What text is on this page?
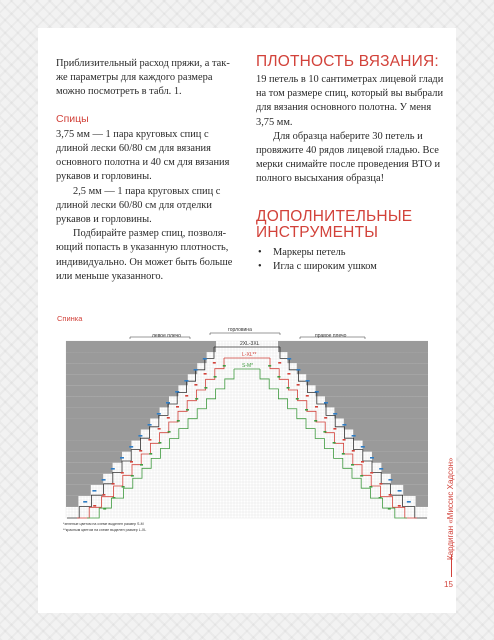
Приблизительный расход пряжи, а также параметры для каждого размера можно посмотреть в табл. 1.

Спицы

3,75 мм — 1 пара круговых спиц с длиной лески 60/80 см для вязания основного полотна и 40 см для вязания рукавов и горловины.

2,5 мм — 1 пара круговых спиц с длиной лески 60/80 см для отделки рукавов и горловины.

Подбирайте размер спиц, позволяющий попасть в указанную плотность, индивидуально. Он может быть больше или меньше указанного.

ПЛОТНОСТЬ ВЯЗАНИЯ:

19 петель в 10 сантиметрах лицевой глади на том размере спиц, который вы выбрали для вязания основного полотна. У меня 3,75 мм.

Для образца наберите 30 петель и провяжите 40 рядов лицевой гладью. Все мерки снимайте после проведения ВТО и полного высыхания образца!

ДОПОЛНИТЕЛЬНЫЕ
ИНСТРУМЕНТЫ
• Маркеры петель
• Игла с широким ушком
Спинка
левое плечо
горловина
правое плечо
2XL-3XL
L-XL**
S-M*
*зеленые цветом на схеме выделен размер S-M
**красным цветом на схеме выделен размер L-XL	Кардиган «Миссис Хадсон»
15
